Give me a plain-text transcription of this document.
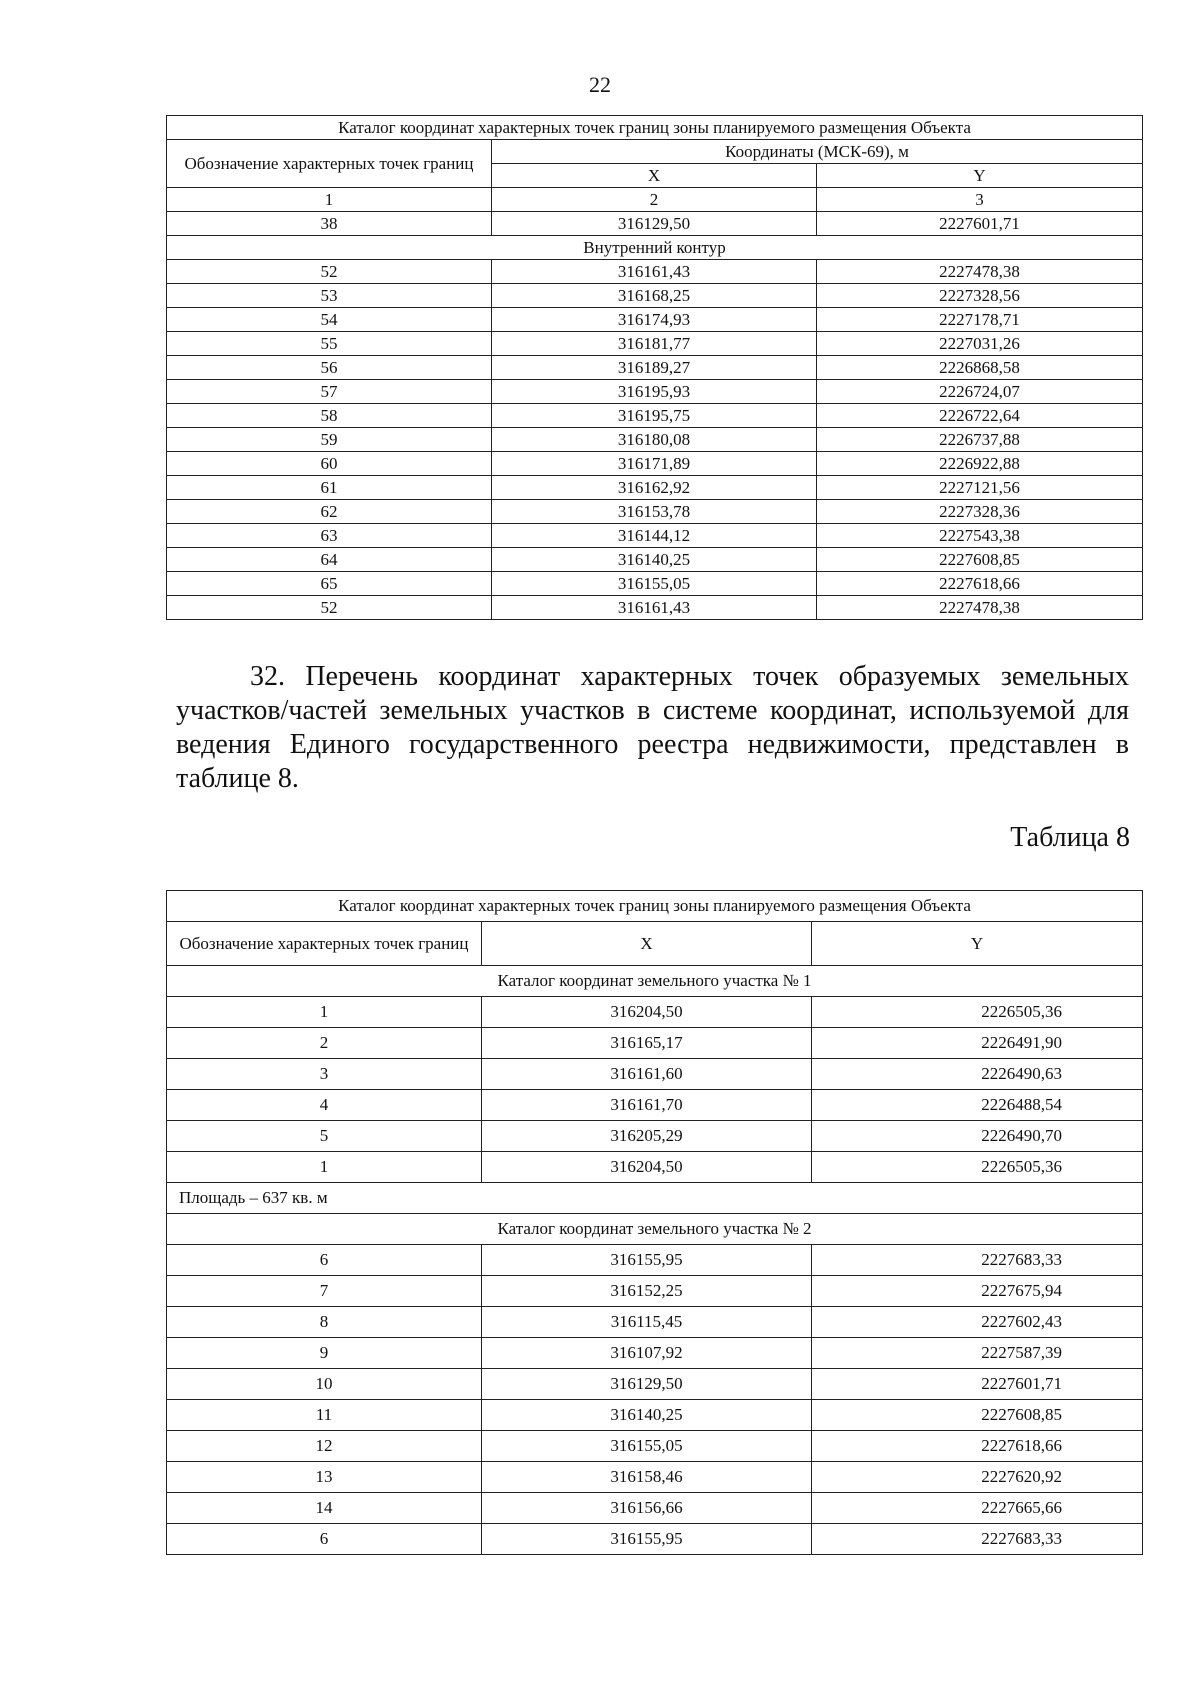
22
Каталог координат характерных точек границ зоны планируемого размещения Объекта		
Обозначение характерных точек границ	Координаты (МСК-69), м	
	X	Y
1	2	3
38	316129,50	2227601,71
Внутренний контур		
52	316161,43	2227478,38
53	316168,25	2227328,56
54	316174,93	2227178,71
55	316181,77	2227031,26
56	316189,27	2226868,58
57	316195,93	2226724,07
58	316195,75	2226722,64
59	316180,08	2226737,88
60	316171,89	2226922,88
61	316162,92	2227121,56
62	316153,78	2227328,36
63	316144,12	2227543,38
64	316140,25	2227608,85
65	316155,05	2227618,66
52	316161,43	2227478,38
32. Перечень координат характерных точек образуемых земельных участков/частей земельных участков в системе координат, используемой для ведения Единого государственного реестра недвижимости, представлен в таблице 8.
Таблица 8
Каталог координат характерных точек границ зоны планируемого размещения Объекта		
Обозначение характерных точек границ	X	Y
Каталог координат земельного участка № 1		
1	316204,50	2226505,36
2	316165,17	2226491,90
3	316161,60	2226490,63
4	316161,70	2226488,54
5	316205,29	2226490,70
1	316204,50	2226505,36
Площадь – 637 кв. м		
Каталог координат земельного участка № 2		
6	316155,95	2227683,33
7	316152,25	2227675,94
8	316115,45	2227602,43
9	316107,92	2227587,39
10	316129,50	2227601,71
11	316140,25	2227608,85
12	316155,05	2227618,66
13	316158,46	2227620,92
14	316156,66	2227665,66
6	316155,95	2227683,33
